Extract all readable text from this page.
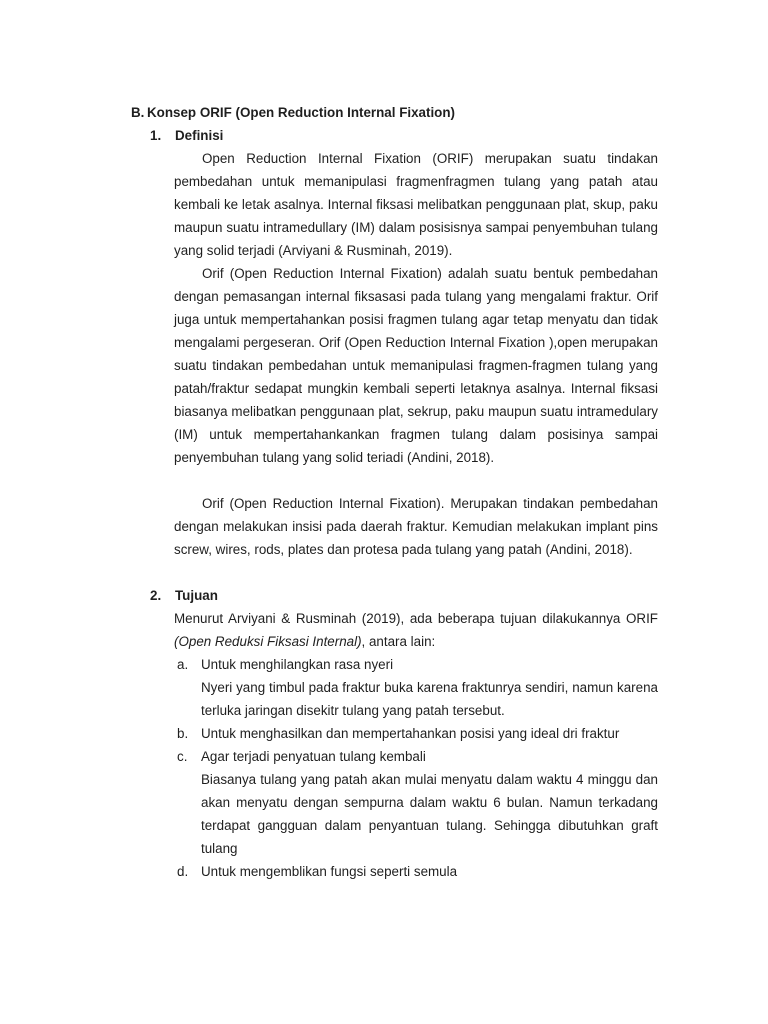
B. Konsep ORIF (Open Reduction Internal Fixation)
1. Definisi

Open Reduction Internal Fixation (ORIF) merupakan suatu tindakan pembedahan untuk memanipulasi fragmenfragmen tulang yang patah atau kembali ke letak asalnya. Internal fiksasi melibatkan penggunaan plat, skup, paku maupun suatu intramedullary (IM) dalam posisisnya sampai penyembuhan tulang yang solid terjadi (Arviyani & Rusminah, 2019).

Orif (Open Reduction Internal Fixation) adalah suatu bentuk pembedahan dengan pemasangan internal fiksasasi pada tulang yang mengalami fraktur. Orif juga untuk mempertahankan posisi fragmen tulang agar tetap menyatu dan tidak mengalami pergeseran. Orif (Open Reduction Internal Fixation ),open merupakan suatu tindakan pembedahan untuk memanipulasi fragmen-fragmen tulang yang patah/fraktur sedapat mungkin kembali seperti letaknya asalnya. Internal fiksasi biasanya melibatkan penggunaan plat, sekrup, paku maupun suatu intramedulary (IM) untuk mempertahankankan fragmen tulang dalam posisinya sampai penyembuhan tulang yang solid teriadi (Andini, 2018).

Orif (Open Reduction Internal Fixation). Merupakan tindakan pembedahan dengan melakukan insisi pada daerah fraktur. Kemudian melakukan implant pins screw, wires, rods, plates dan protesa pada tulang yang patah (Andini, 2018).

2. Tujuan

Menurut Arviyani & Rusminah (2019), ada beberapa tujuan dilakukannya ORIF (Open Reduksi Fiksasi Internal), antara lain:

a. Untuk menghilangkan rasa nyeri

Nyeri yang timbul pada fraktur buka karena fraktunrya sendiri, namun karena terluka jaringan disekitr tulang yang patah tersebut.

b. Untuk menghasilkan dan mempertahankan posisi yang ideal dri fraktur
c. Agar terjadi penyatuan tulang kembali

Biasanya tulang yang patah akan mulai menyatu dalam waktu 4 minggu dan akan menyatu dengan sempurna dalam waktu 6 bulan. Namun terkadang terdapat gangguan dalam penyantuan tulang. Sehingga dibutuhkan graft tulang

d. Untuk mengemblikan fungsi seperti semula
